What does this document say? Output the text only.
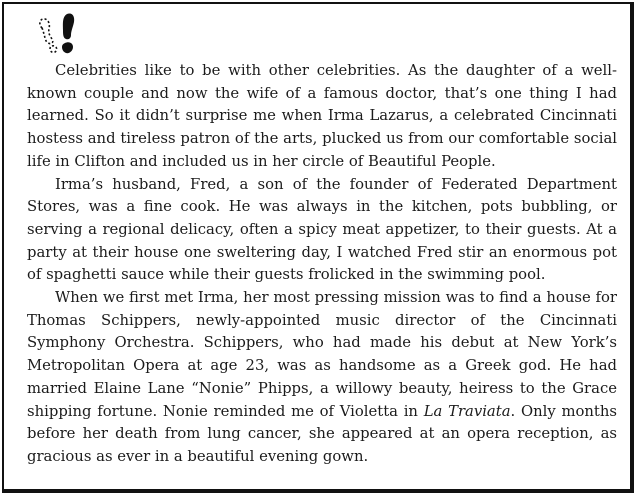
Celebrities like to be with other celebrities. As the daughter of a well-known couple and now the wife of a famous doctor, that’s one thing I had learned. So it didn’t surprise me when Irma Lazarus, a celebrated Cincinnati hostess and tireless patron of the arts, plucked us from our comfortable social life in Clifton and included us in her circle of Beautiful People.

Irma’s husband, Fred, a son of the founder of Federated Department Stores, was a fine cook. He was always in the kitchen, pots bubbling, or serving a regional delicacy, often a spicy meat appetizer, to their guests. At a party at their house one sweltering day, I watched Fred stir an enormous pot of spaghetti sauce while their guests frolicked in the swimming pool.

When we first met Irma, her most pressing mission was to find a house for Thomas Schippers, newly-appointed music director of the Cincinnati Symphony Orchestra. Schippers, who had made his debut at New York’s Metropolitan Opera at age 23, was as handsome as a Greek god. He had married Elaine Lane “Nonie” Phipps, a willowy beauty, heiress to the Grace shipping fortune. Nonie reminded me of Violetta in La Traviata. Only months before her death from lung cancer, she appeared at an opera reception, as gracious as ever in a beautiful evening gown.
